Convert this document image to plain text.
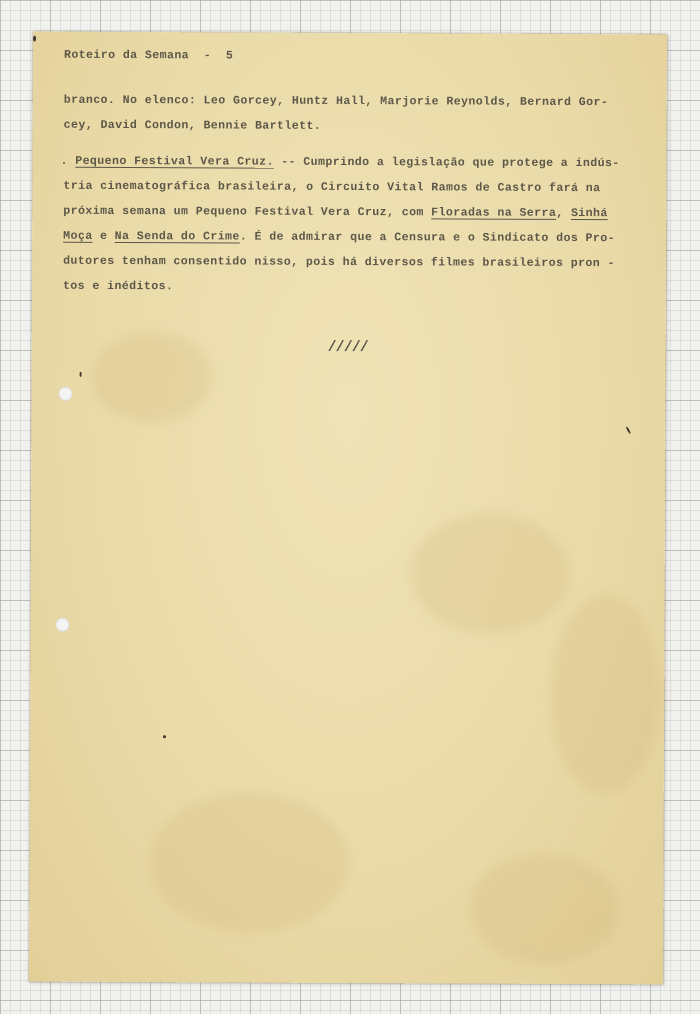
Roteiro da Semana - 5
branco. No elenco: Leo Gorcey, Huntz Hall, Marjorie Reynolds, Bernard Gor-
cey, David Condon, Bennie Bartlett.
. Pequeno Festival Vera Cruz. -- Cumprindo a legislação que protege a indús-
tria cinematográfica brasileira, o Circuito Vital Ramos de Castro fará na
próxima semana um Pequeno Festival Vera Cruz, com Floradas na Serra, Sinhá
Moça e Na Senda do Crime. É de admirar que a Censura e o Sindicato dos Pro-
dutores tenham consentido nisso, pois há diversos filmes brasileiros pron -
tos e inéditos.
/////
